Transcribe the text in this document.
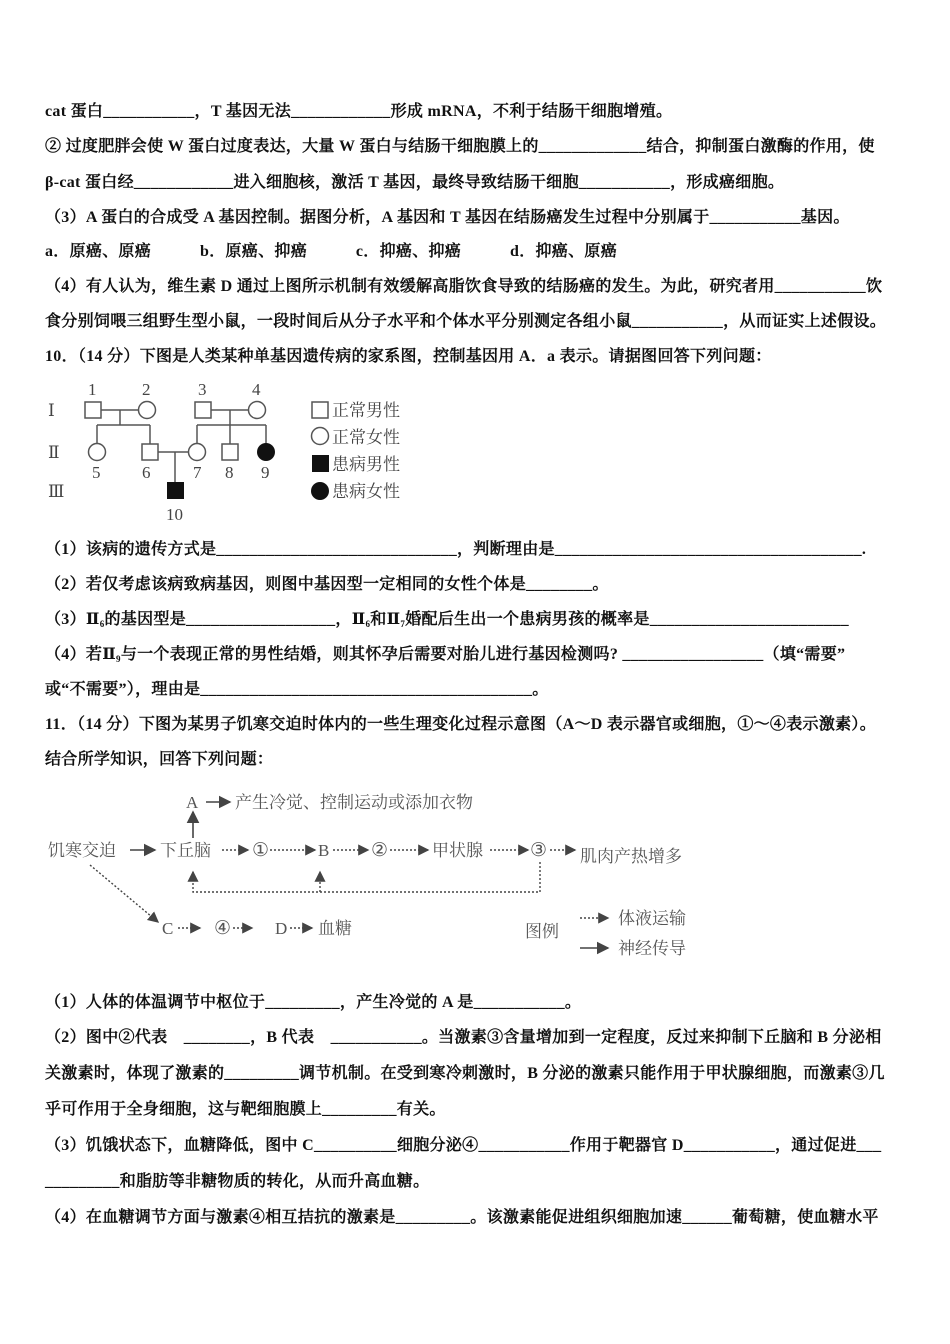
cat 蛋白___________，T 基因无法____________形成 mRNA，不利于结肠干细胞增殖。
② 过度肥胖会使 W 蛋白过度表达，大量 W 蛋白与结肠干细胞膜上的_____________结合，抑制蛋白激酶的作用，使
β-cat 蛋白经____________进入细胞核，激活 T 基因，最终导致结肠干细胞___________，形成癌细胞。
（3）A 蛋白的合成受 A 基因控制。据图分析，A 基因和 T 基因在结肠癌发生过程中分别属于___________基因。
a．原癌、原癌　　　b．原癌、抑癌　　　c．抑癌、抑癌　　　d．抑癌、原癌
（4）有人认为，维生素 D 通过上图所示机制有效缓解高脂饮食导致的结肠癌的发生。为此，研究者用___________饮
食分别饲喂三组野生型小鼠，一段时间后从分子水平和个体水平分别测定各组小鼠___________，从而证实上述假设。
10．（14 分）下图是人类某种单基因遗传病的家系图，控制基因用 A．a 表示。请据图回答下列问题：
（1）该病的遗传方式是_____________________________，判断理由是_____________________________________.
（2）若仅考虑该病致病基因，则图中基因型一定相同的女性个体是________。
$(3)Ⅱ_6$的基因型是__________________，$Ⅱ_6$和$Ⅱ_7$婚配后生出一个患病男孩的概率是________________________
（4）若$Ⅱ_9$与一个表现正常的男性结婚，则其怀孕后需要对胎儿进行基因检测吗? _________________（填“需要”
或“不需要”），理由是________________________________________。
11．（14 分）下图为某男子饥寒交迫时体内的一些生理变化过程示意图（A～D 表示器官或细胞，①～④表示激素）。
结合所学知识，回答下列问题：
（1）人体的体温调节中枢位于_________，产生冷觉的 A 是___________。
（2）图中②代表　________，B 代表　___________。当激素③含量增加到一定程度，反过来抑制下丘脑和 B 分泌相
关激素时，体现了激素的_________调节机制。在受到寒冷刺激时，B 分泌的激素只能作用于甲状腺细胞，而激素③几
乎可作用于全身细胞，这与靶细胞膜上_________有关。
（3）饥饿状态下，血糖降低，图中 C__________细胞分泌④___________作用于靶器官 D___________，通过促进___
_________和脂肪等非糖物质的转化，从而升高血糖。
（4）在血糖调节方面与激素④相互拮抗的激素是_________。该激素能促进组织细胞加速______葡萄糖，使血糖水平
Ⅰ
Ⅱ
Ⅲ
1	2	3	4
5 6	7 8 9
10
正常男性
正常女性
患病男性
患病女性
A 产生冷觉、控制运动或添加衣物
饥寒交迫	下丘脑 ①	B ②	甲状腺 ③ 肌肉产热增多
C ④	D 血糖	图例
体液运输
神经传导
